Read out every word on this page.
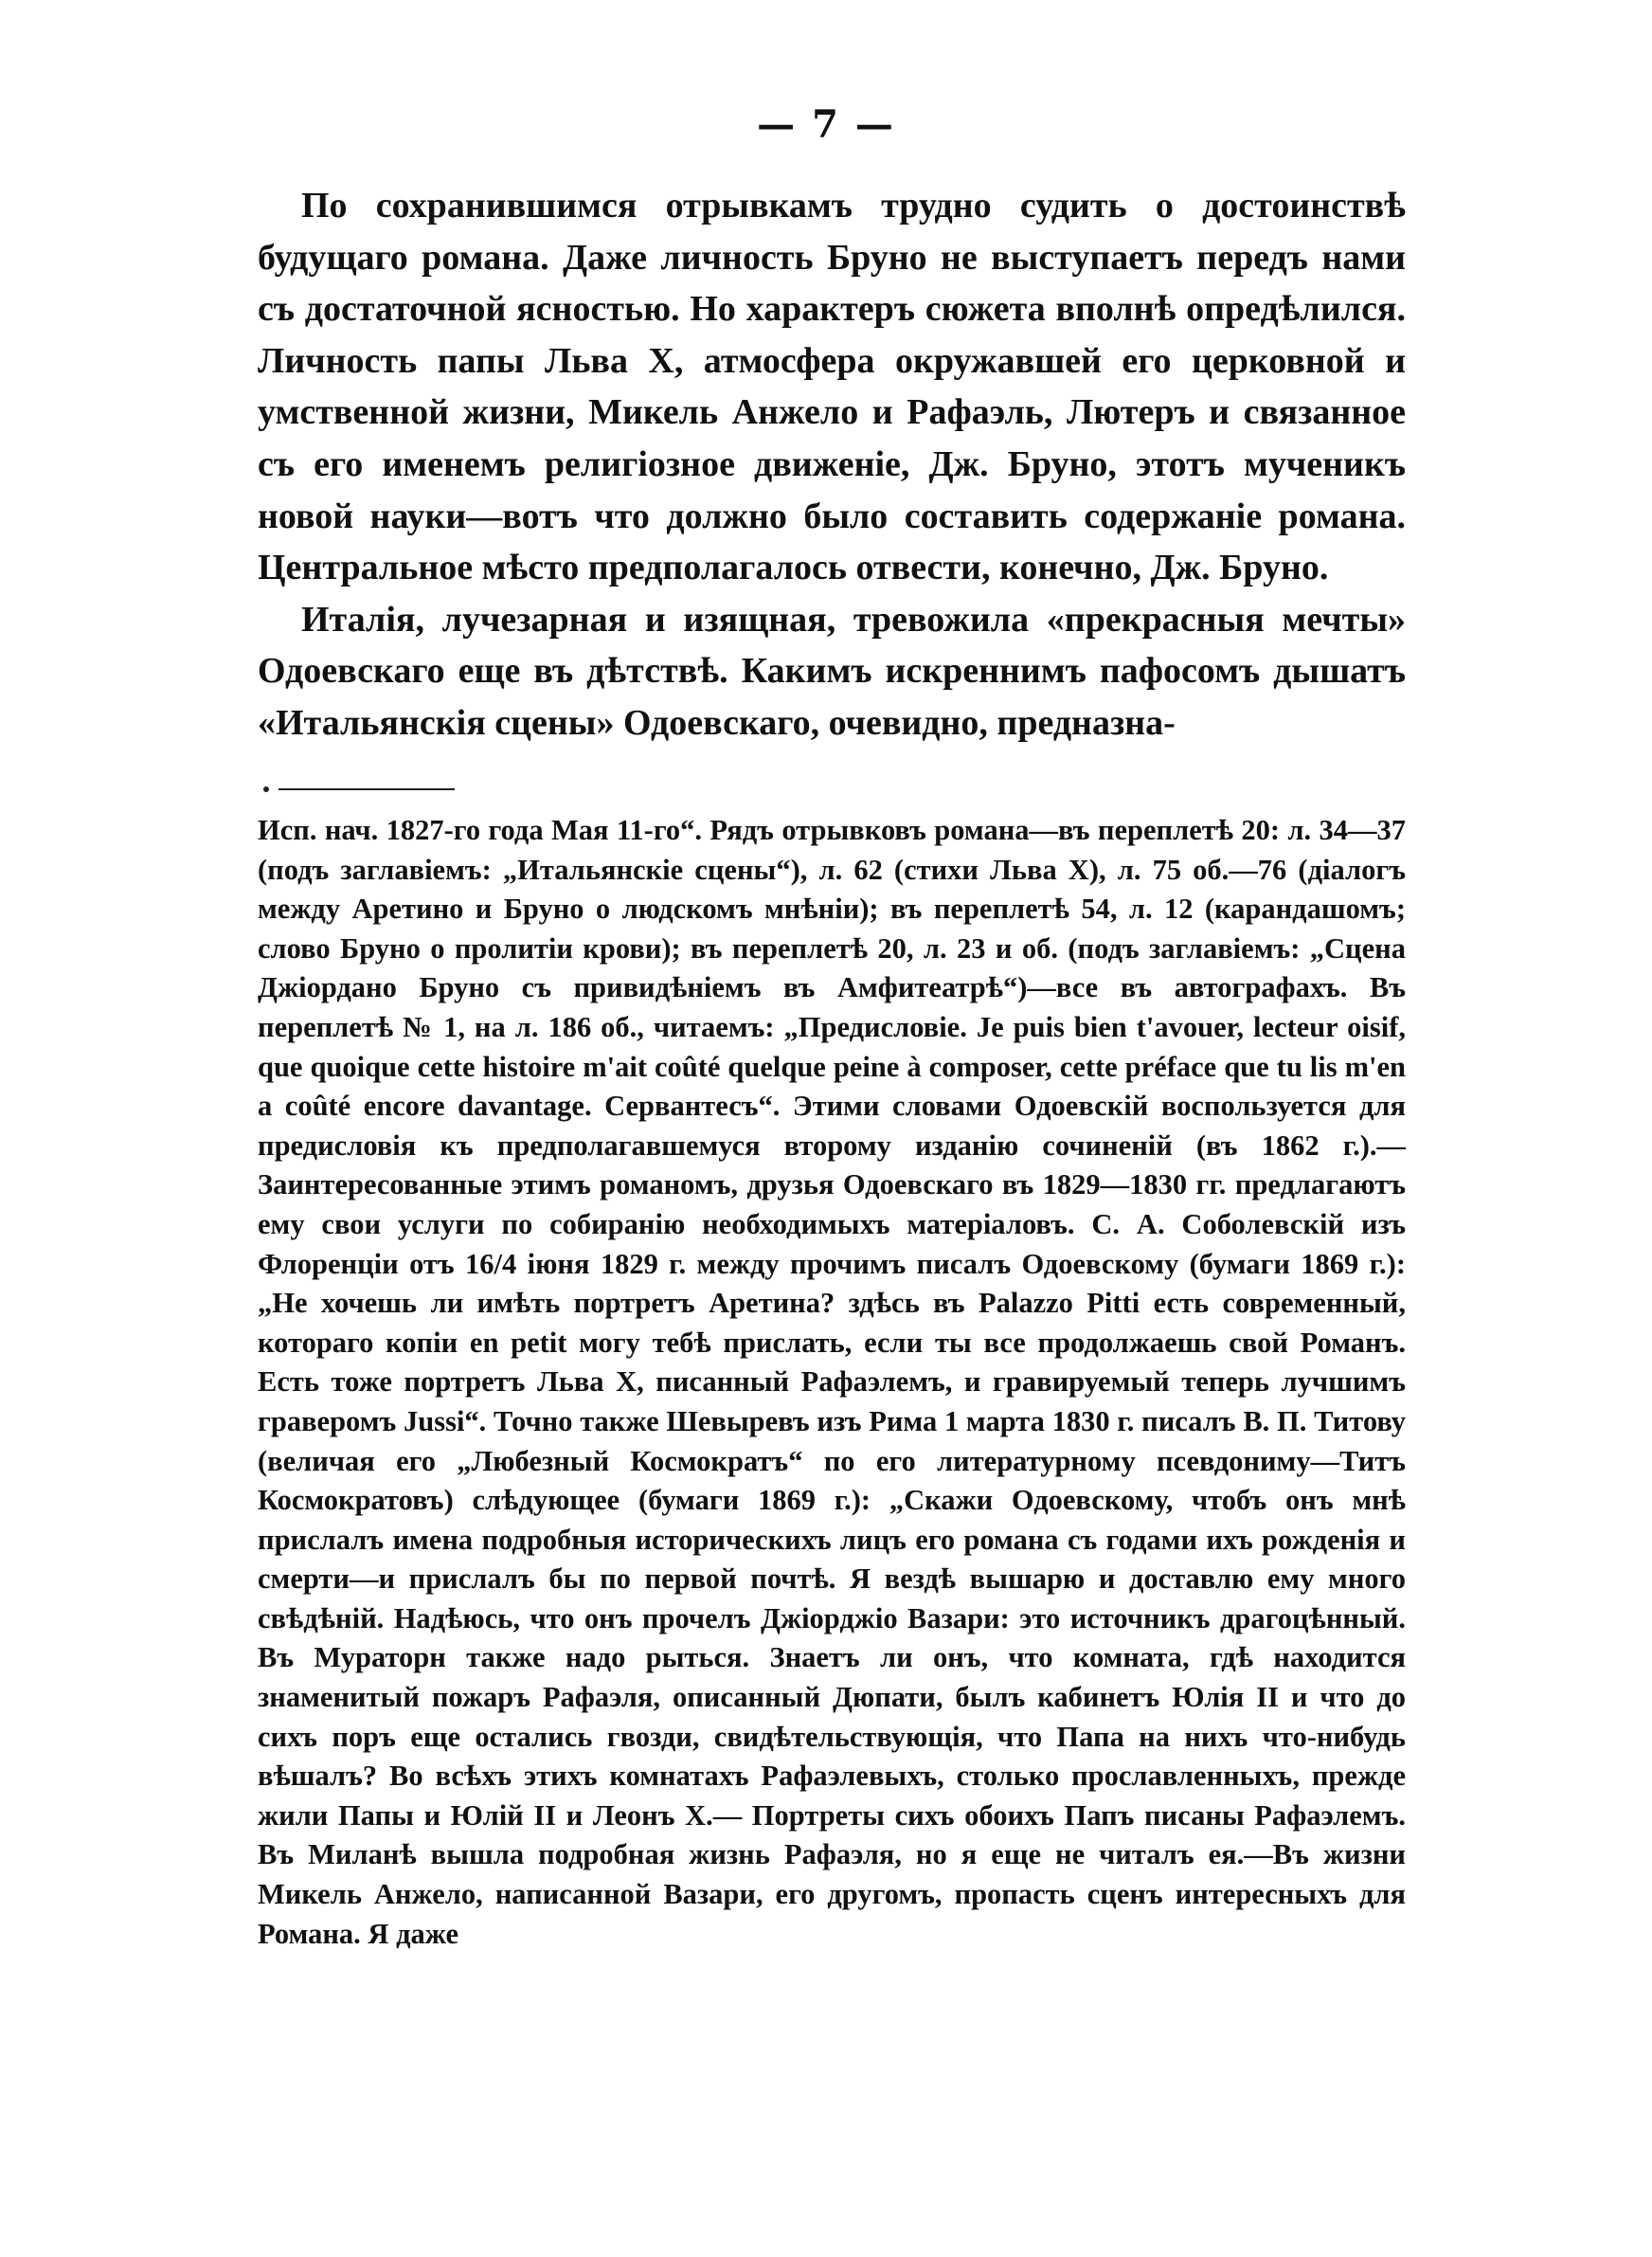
— 7 —

По сохранившимся отрывкамъ трудно судить о достоинствѣ будущаго романа. Даже личность Бруно не выступаетъ передъ нами съ достаточной ясностью. Но характеръ сюжета вполнѣ опредѣлился. Личность папы Льва X, атмосфера окружавшей его церковной и умственной жизни, Микель Анжело и Рафаэль, Лютеръ и связанное съ его именемъ религіозное движеніе, Дж. Бруно, этотъ мученикъ новой науки—вотъ что должно было составить содержаніе романа. Центральное мѣсто предполагалось отвести, конечно, Дж. Бруно.

Италія, лучезарная и изящная, тревожила «прекрасныя мечты» Одоевскаго еще въ дѣтствѣ. Какимъ искреннимъ пафосомъ дышатъ «Итальянскія сцены» Одоевскаго, очевидно, предназна-

Исп. нач. 1827-го года Мая 11-го“. Рядъ отрывковъ романа—въ переплетѣ 20: л. 34—37 (подъ заглавіемъ: „Итальянскіе сцены“), л. 62 (стихи Льва X), л. 75 об.—76 (діалогъ между Аретино и Бруно о людскомъ мнѣніи); въ переплетѣ 54, л. 12 (карандашомъ; слово Бруно о пролитіи крови); въ переплетѣ 20, л. 23 и об. (подъ заглавіемъ: „Сцена Джіордано Бруно съ привидѣніемъ въ Амфитеатрѣ“)—все въ автографахъ. Въ переплетѣ № 1, на л. 186 об., читаемъ: „Предисловіе. Je puis bien t'avouer, lecteur oisif, que quoique cette histoire m'ait coûté quelque peine à composer, cette préface que tu lis m'en a coûté encore davantage. Сервантесъ“. Этими словами Одоевскій воспользуется для предисловія къ предполагавшемуся второму изданію сочиненій (въ 1862 г.).—Заинтересованные этимъ романомъ, друзья Одоевскаго въ 1829—1830 гг. предлагаютъ ему свои услуги по собиранію необходимыхъ матеріаловъ. С. А. Соболевскій изъ Флоренціи отъ 16/4 іюня 1829 г. между прочимъ писалъ Одоевскому (бумаги 1869 г.): „Не хочешь ли имѣть портретъ Аретина? здѣсь въ Palazzo Pitti есть современный, котораго копіи en petit могу тебѣ прислать, если ты все продолжаешь свой Романъ. Есть тоже портретъ Льва X, писанный Рафаэлемъ, и гравируемый теперь лучшимъ граверомъ Jussi“. Точно также Шевыревъ изъ Рима 1 марта 1830 г. писалъ В. П. Титову (величая его „Любезный Космократъ“ по его литературному псевдониму—Титъ Космократовъ) слѣдующее (бумаги 1869 г.): „Скажи Одоевскому, чтобъ онъ мнѣ прислалъ имена подробныя историческихъ лицъ его романа съ годами ихъ рожденія и смерти—и прислалъ бы по первой почтѣ. Я вездѣ вышарю и доставлю ему много свѣдѣній. Надѣюсь, что онъ прочелъ Джіорджіо Вазари: это источникъ драгоцѣнный. Въ Мураторн также надо рыться. Знаетъ ли онъ, что комната, гдѣ находится знаменитый пожаръ Рафаэля, описанный Дюпати, былъ кабинетъ Юлія II и что до сихъ поръ еще остались гвозди, свидѣтельствующія, что Папа на нихъ что-нибудь вѣшалъ? Во всѣхъ этихъ комнатахъ Рафаэлевыхъ, столько прославленныхъ, прежде жили Папы и Юлій II и Леонъ X.— Портреты сихъ обоихъ Папъ писаны Рафаэлемъ. Въ Миланѣ вышла подробная жизнь Рафаэля, но я еще не читалъ ея.—Въ жизни Микель Анжело, написанной Вазари, его другомъ, пропасть сценъ интересныхъ для Романа. Я даже
